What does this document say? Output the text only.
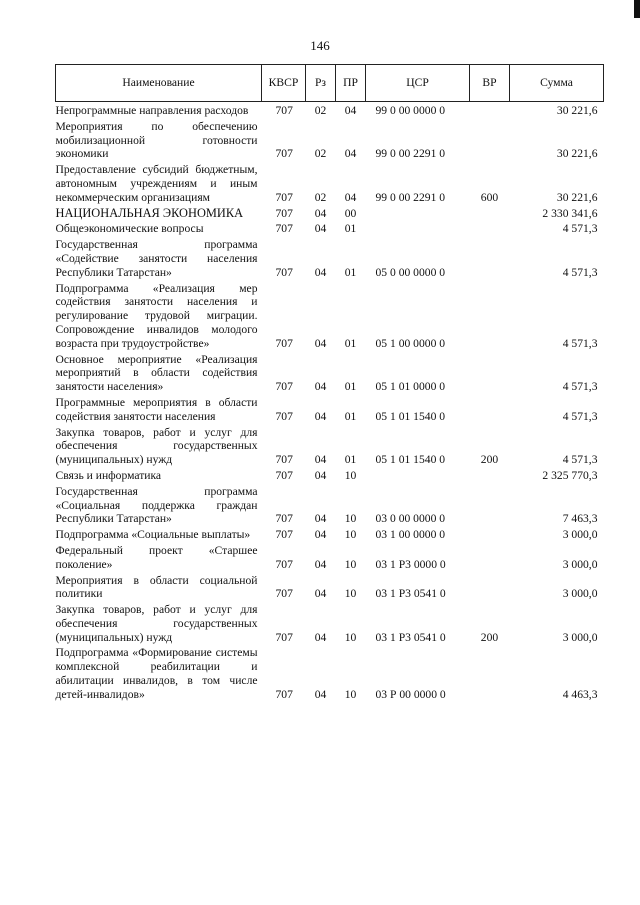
146
Наименование	КВСР	Рз	ПР	ЦСР	ВР	Сумма
Непрограммные направления расходов	707	02	04	99 0 00 0000 0		30 221,6
Мероприятия по обеспечению мобилизационной готовности экономики	707	02	04	99 0 00 2291 0		30 221,6
Предоставление субсидий бюджетным, автономным учреждениям и иным некоммерческим организациям	707	02	04	99 0 00 2291 0	600	30 221,6
НАЦИОНАЛЬНАЯ ЭКОНОМИКА	707	04	00			2 330 341,6
Общеэкономические вопросы	707	04	01			4 571,3
Государственная программа «Содействие занятости населения Республики Татарстан»	707	04	01	05 0 00 0000 0		4 571,3
Подпрограмма «Реализация мер содействия занятости населения и регулирование трудовой миграции. Сопровождение инвалидов молодого возраста при трудоустройстве»	707	04	01	05 1 00 0000 0		4 571,3
Основное мероприятие «Реализация мероприятий в области содействия занятости населения»	707	04	01	05 1 01 0000 0		4 571,3
Программные мероприятия в области содействия занятости населения	707	04	01	05 1 01 1540 0		4 571,3
Закупка товаров, работ и услуг для обеспечения государственных (муниципальных) нужд	707	04	01	05 1 01 1540 0	200	4 571,3
Связь и информатика	707	04	10			2 325 770,3
Государственная программа «Социальная поддержка граждан Республики Татарстан»	707	04	10	03 0 00 0000 0		7 463,3
Подпрограмма «Социальные выплаты»	707	04	10	03 1 00 0000 0		3 000,0
Федеральный проект «Старшее поколение»	707	04	10	03 1 P3 0000 0		3 000,0
Мероприятия в области социальной политики	707	04	10	03 1 P3 0541 0		3 000,0
Закупка товаров, работ и услуг для обеспечения государственных (муниципальных) нужд	707	04	10	03 1 P3 0541 0	200	3 000,0
Подпрограмма «Формирование системы комплексной реабилитации и абилитации инвалидов, в том числе детей-инвалидов»	707	04	10	03 Р 00 0000 0		4 463,3
